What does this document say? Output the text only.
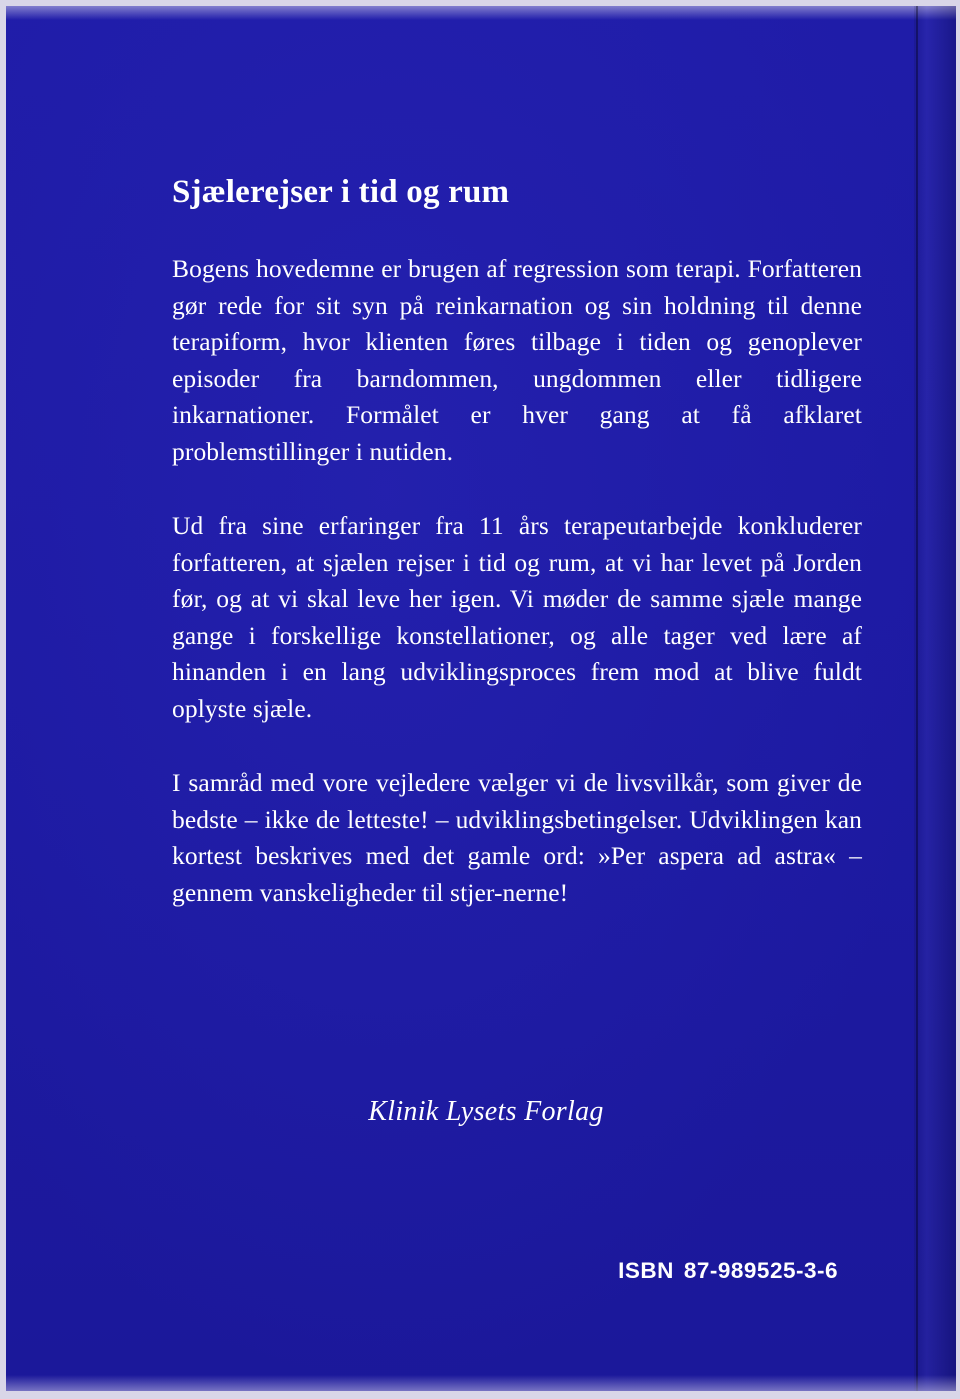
Sjælerejser i tid og rum

Bogens hovedemne er brugen af regression som terapi. Forfatteren gør rede for sit syn på reinkarnation og sin holdning til denne terapiform, hvor klienten føres tilbage i tiden og genoplever episoder fra barndommen, ungdommen eller tidligere inkarnationer. Formålet er hver gang at få afklaret problemstillinger i nutiden.

Ud fra sine erfaringer fra 11 års terapeutarbejde konkluderer forfatteren, at sjælen rejser i tid og rum, at vi har levet på Jorden før, og at vi skal leve her igen. Vi møder de samme sjæle mange gange i forskellige konstellationer, og alle tager ved lære af hinanden i en lang udviklingsproces frem mod at blive fuldt oplyste sjæle.

I samråd med vore vejledere vælger vi de livsvilkår, som giver de bedste – ikke de letteste! – udviklingsbetingelser. Udviklingen kan kortest beskrives med det gamle ord: »Per aspera ad astra« – gennem vanskeligheder til stjer-nerne!

Klinik Lysets Forlag
ISBN 87-989525-3-6
